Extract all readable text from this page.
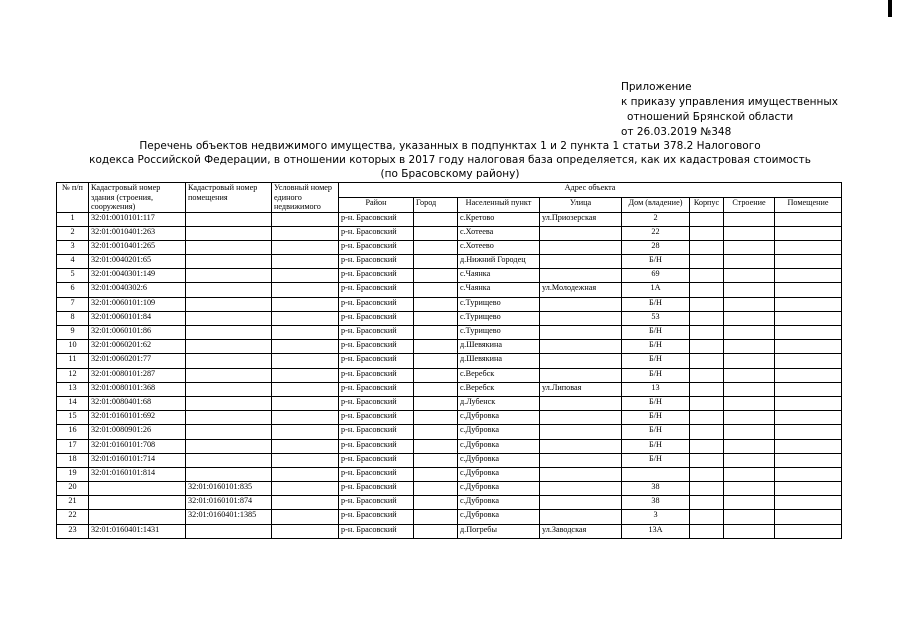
Приложение
к приказу управления имущественных
отношений Брянской области
от 26.03.2019 №348
Перечень объектов недвижимого имущества, указанных в подпунктах 1 и 2 пункта 1 статьи 378.2 Налогового
кодекса Российской Федерации, в отношении которых в 2017 году налоговая база определяется, как их кадастровая стоимость
(по Брасовскому району)
№ п/п	Кадастровый номер здания (строения, сооружения)	Кадастровый номер помещения	Условный номер единого недвижимого	Адрес объекта							
				Район	Город	Населенный пункт	Улица	Дом (владение)	Корпус	Строение	Помещение
1	32:01:0010101:117			р-н. Брасовский		с.Кретово	ул.Приозерская	2			
2	32:01:0010401:263			р-н. Брасовский		с.Хотеева		22			
3	32:01:0010401:265			р-н. Брасовский		с.Хотеево		28			
4	32:01:0040201:65			р-н. Брасовский		д.Нижний Городец		Б/Н			
5	32:01:0040301:149			р-н. Брасовский		с.Чаянка		69			
6	32:01:0040302:6			р-н. Брасовский		с.Чаянка	ул.Молодежная	1А			
7	32:01:0060101:109			р-н. Брасовский		с.Турищево		Б/Н			
8	32:01:0060101:84			р-н. Брасовский		с.Турищево		53			
9	32:01:0060101:86			р-н. Брасовский		с.Турищево		Б/Н			
10	32:01:0060201:62			р-н. Брасовский		д.Шевякина		Б/Н			
11	32:01:0060201:77			р-н. Брасовский		д.Шевякина		Б/Н			
12	32:01:0080101:287			р-н. Брасовский		с.Веребск		Б/Н			
13	32:01:0080101:368			р-н. Брасовский		с.Веребск	ул.Липовая	13			
14	32:01:0080401:68			р-н. Брасовский		д.Лубенск		Б/Н			
15	32:01:0160101:692			р-н. Брасовский		с.Дубровка		Б/Н			
16	32:01:0080901:26			р-н. Брасовский		с.Дубровка		Б/Н			
17	32:01:0160101:708			р-н. Брасовский		с.Дубровка		Б/Н			
18	32:01:0160101:714			р-н. Брасовский		с.Дубровка		Б/Н			
19	32:01:0160101:814			р-н. Брасовский		с.Дубровка					
20		32:01:0160101:835		р-н. Брасовский		с.Дубровка		38			
21		32:01:0160101:874		р-н. Брасовский		с.Дубровка		38			
22		32:01:0160401:1385		р-н. Брасовский		с.Дубровка		3			
23	32:01:0160401:1431			р-н. Брасовский		д.Погребы	ул.Заводская	13А			
